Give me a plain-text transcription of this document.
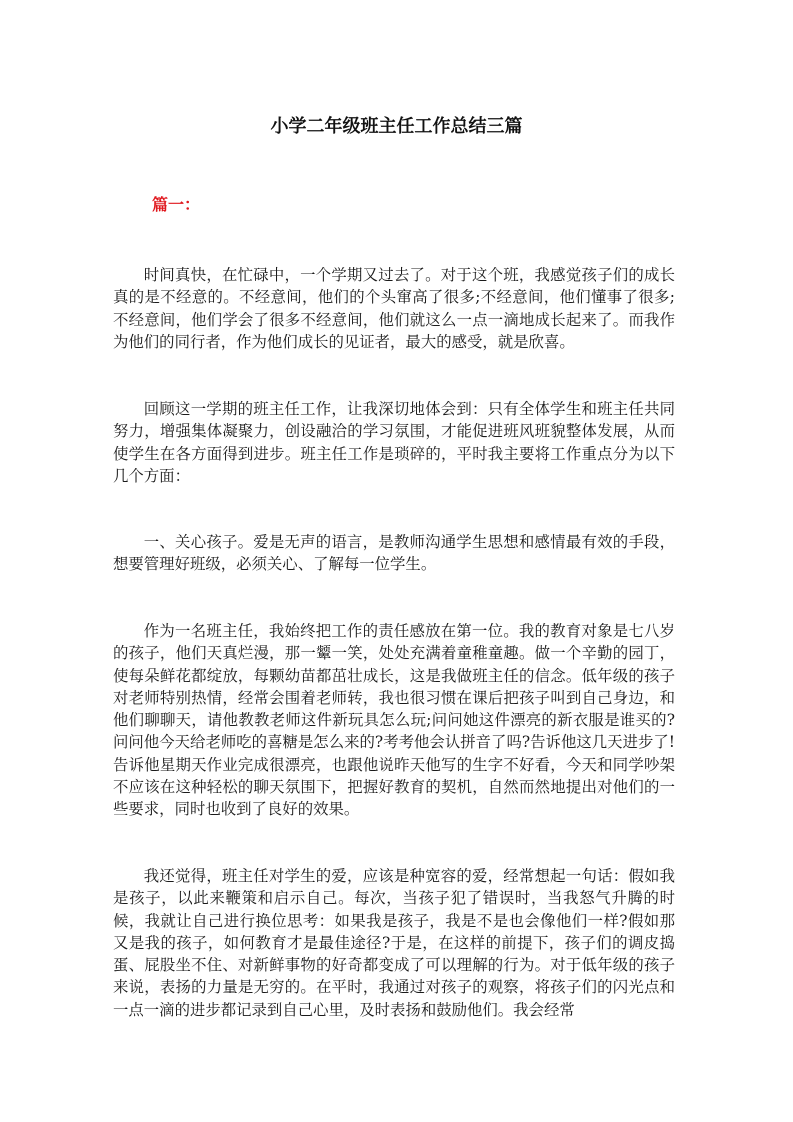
小学二年级班主任工作总结三篇
篇一：

时间真快，在忙碌中，一个学期又过去了。对于这个班，我感觉孩子们的成长真的是不经意的。不经意间，他们的个头窜高了很多;不经意间，他们懂事了很多;不经意间，他们学会了很多不经意间，他们就这么一点一滴地成长起来了。而我作为他们的同行者，作为他们成长的见证者，最大的感受，就是欣喜。

回顾这一学期的班主任工作，让我深切地体会到：只有全体学生和班主任共同努力，增强集体凝聚力，创设融洽的学习氛围，才能促进班风班貌整体发展，从而使学生在各方面得到进步。班主任工作是琐碎的，平时我主要将工作重点分为以下几个方面：

一、关心孩子。爱是无声的语言，是教师沟通学生思想和感情最有效的手段，想要管理好班级，必须关心、了解每一位学生。

作为一名班主任，我始终把工作的责任感放在第一位。我的教育对象是七八岁的孩子，他们天真烂漫，那一颦一笑，处处充满着童稚童趣。做一个辛勤的园丁，使每朵鲜花都绽放，每颗幼苗都茁壮成长，这是我做班主任的信念。低年级的孩子对老师特别热情，经常会围着老师转，我也很习惯在课后把孩子叫到自己身边，和他们聊聊天，请他教教老师这件新玩具怎么玩;问问她这件漂亮的新衣服是谁买的?问问他今天给老师吃的喜糖是怎么来的?考考他会认拼音了吗?告诉他这几天进步了!告诉他星期天作业完成很漂亮，也跟他说昨天他写的生字不好看，今天和同学吵架不应该在这种轻松的聊天氛围下，把握好教育的契机，自然而然地提出对他们的一些要求，同时也收到了良好的效果。

我还觉得，班主任对学生的爱，应该是种宽容的爱，经常想起一句话：假如我是孩子，以此来鞭策和启示自己。每次，当孩子犯了错误时，当我怒气升腾的时候，我就让自己进行换位思考：如果我是孩子，我是不是也会像他们一样?假如那又是我的孩子，如何教育才是最佳途径?于是，在这样的前提下，孩子们的调皮捣蛋、屁股坐不住、对新鲜事物的好奇都变成了可以理解的行为。对于低年级的孩子来说，表扬的力量是无穷的。在平时，我通过对孩子的观察，将孩子们的闪光点和一点一滴的进步都记录到自己心里，及时表扬和鼓励他们。我会经常
